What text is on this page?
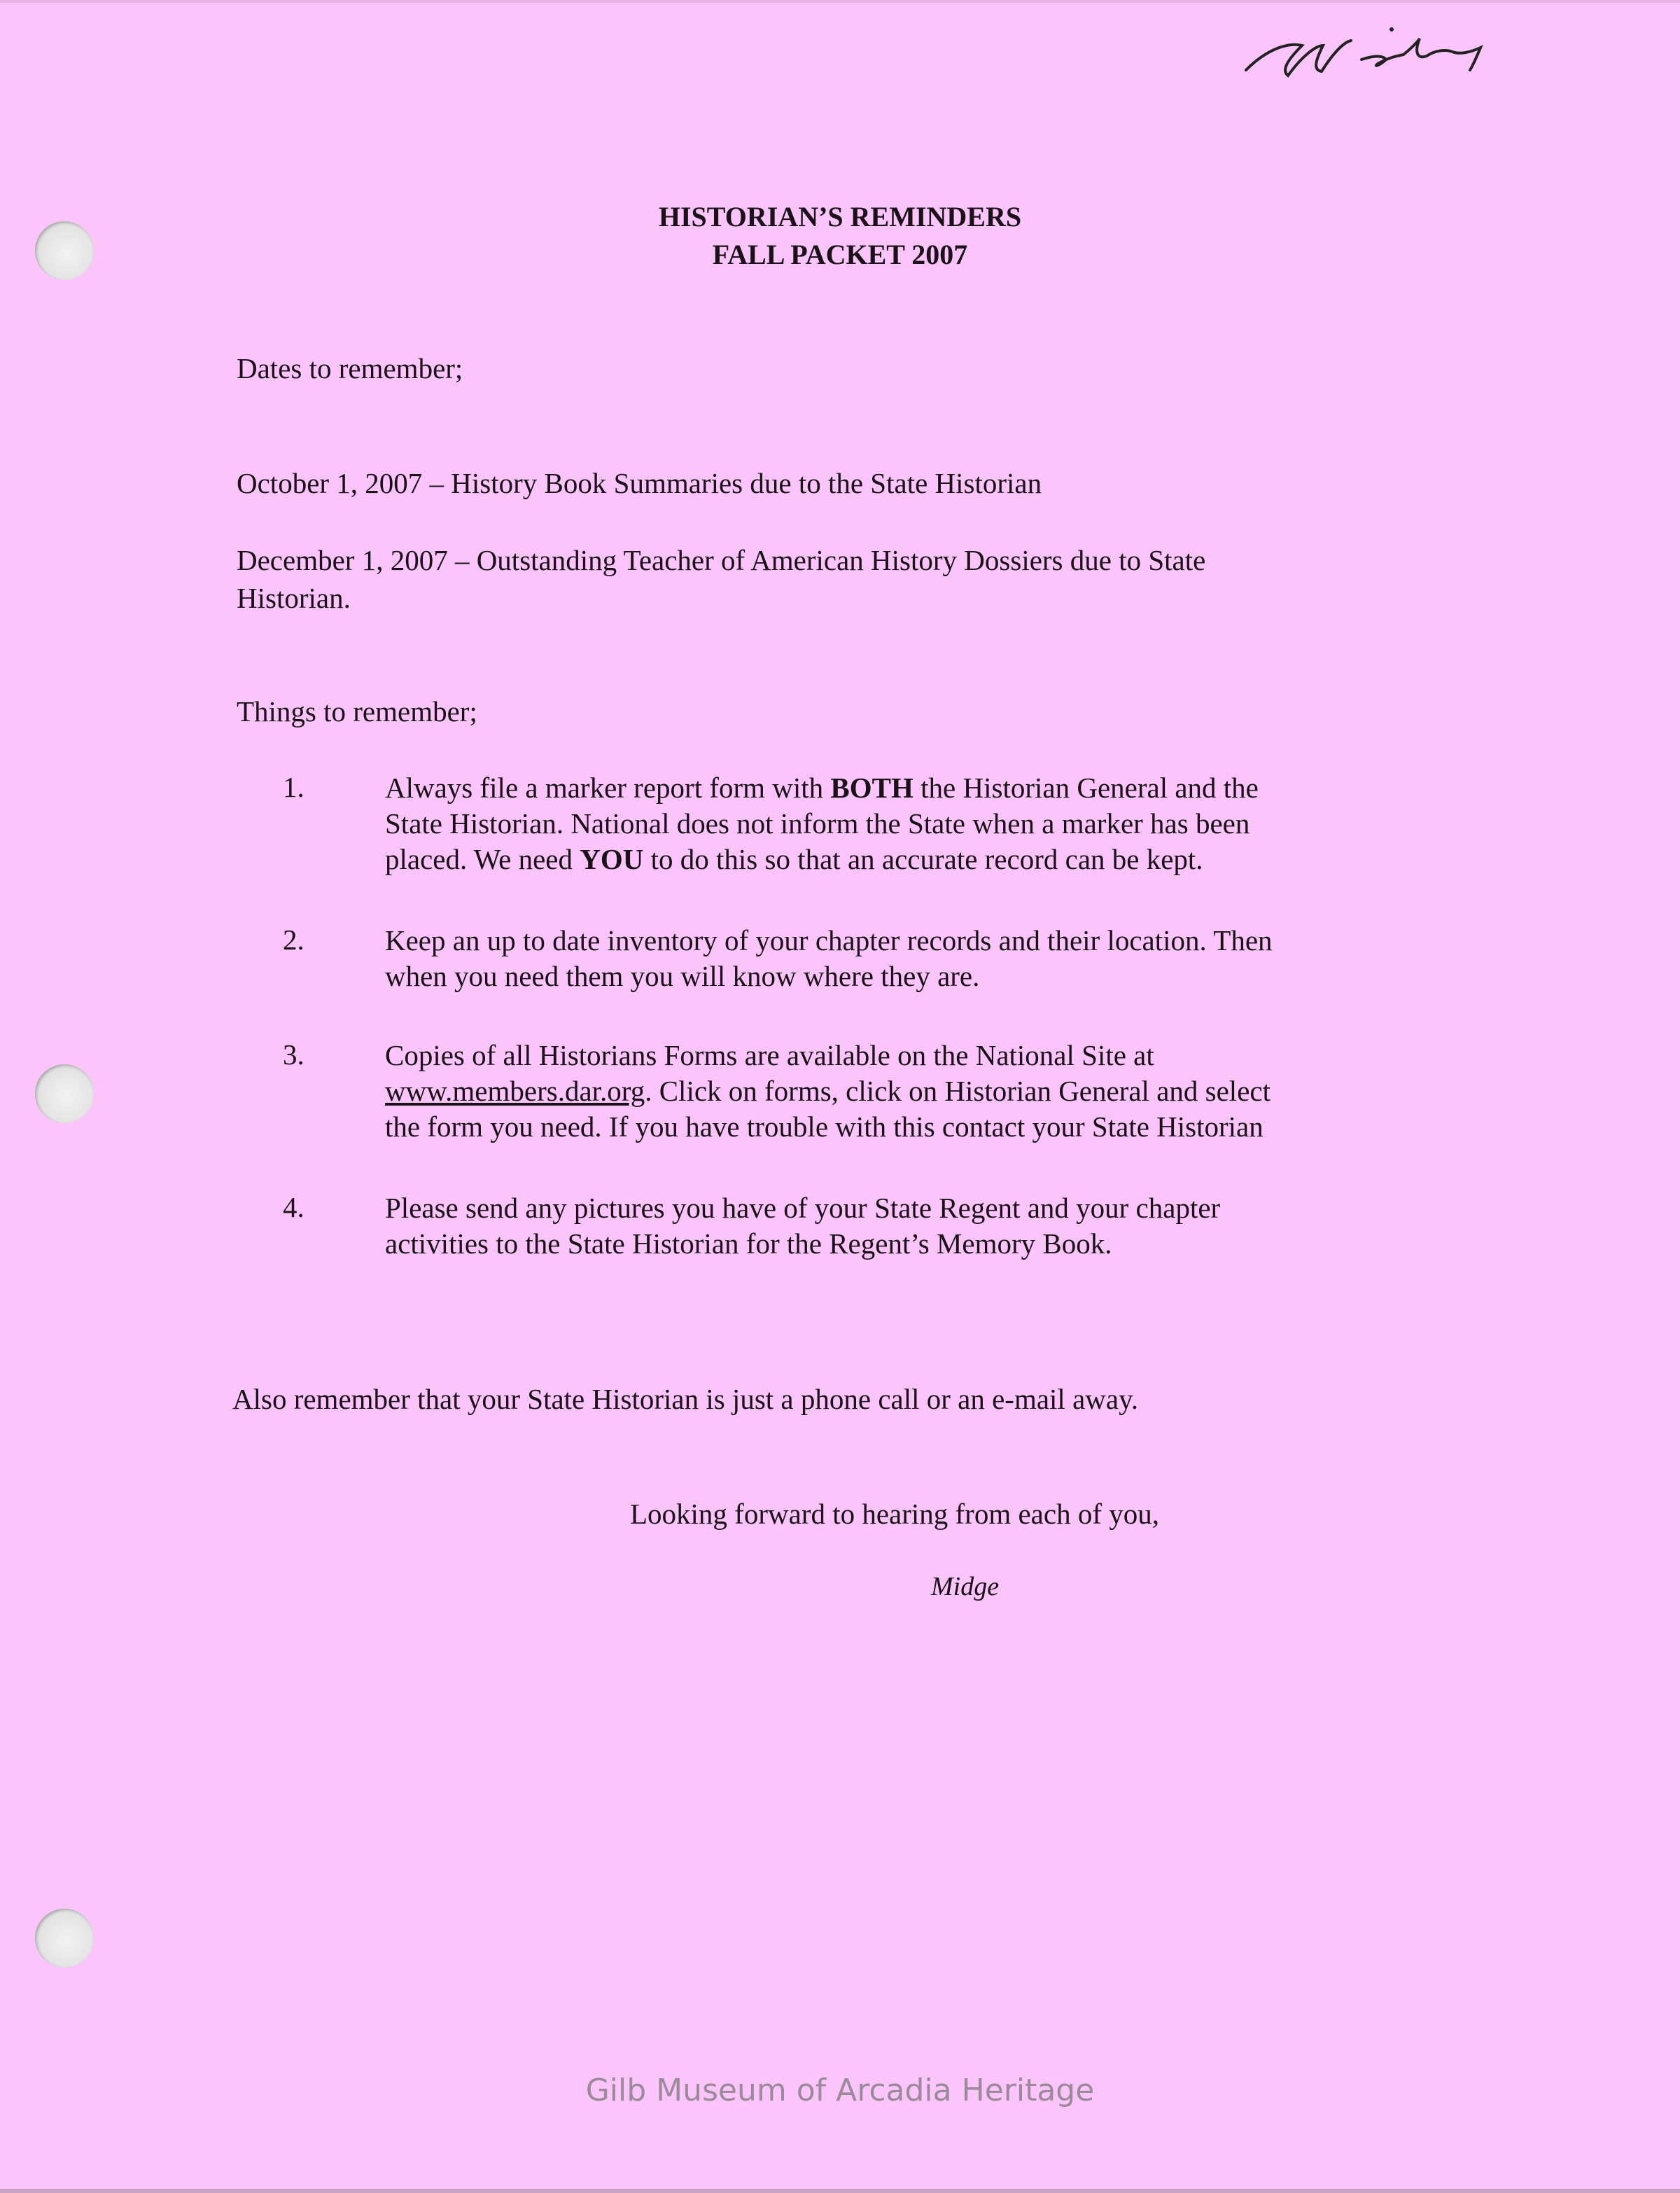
HISTORIAN’S REMINDERS
FALL PACKET 2007
Dates to remember;
October 1, 2007 – History Book Summaries due to the State Historian
December 1, 2007 – Outstanding Teacher of American History Dossiers due to State
Historian.
Things to remember;
1.	Always file a marker report form with BOTH the Historian General and the

State Historian. National does not inform the State when a marker has been

placed. We need YOU to do this so that an accurate record can be kept.

2.	Keep an up to date inventory of your chapter records and their location. Then

when you need them you will know where they are.

3.	Copies of all Historians Forms are available on the National Site at

www.members.dar.org. Click on forms, click on Historian General and select

the form you need. If you have trouble with this contact your State Historian

4.	Please send any pictures you have of your State Regent and your chapter

activities to the State Historian for the Regent’s Memory Book.

Also remember that your State Historian is just a phone call or an e-mail away.
Looking forward to hearing from each of you,
Midge
Gilb Museum of Arcadia Heritage
